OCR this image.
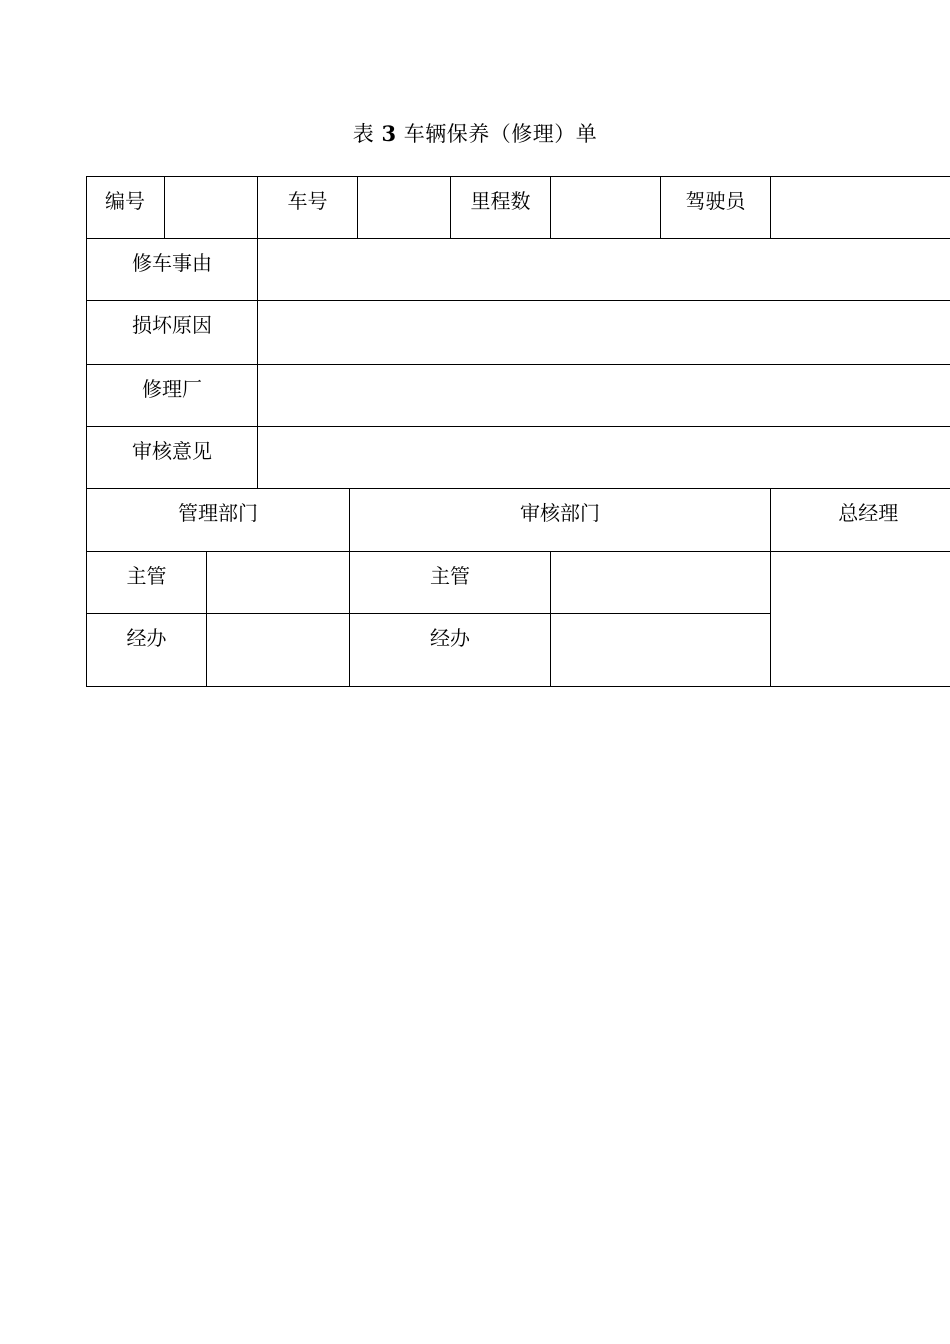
表 3 车辆保养（修理）单
编号			车号			里程数		驾驶员	
修车事由									
损坏原因									
修理厂									
审核意见									
管理部门				审核部门					总经理
主管				主管					
经办				经办					
